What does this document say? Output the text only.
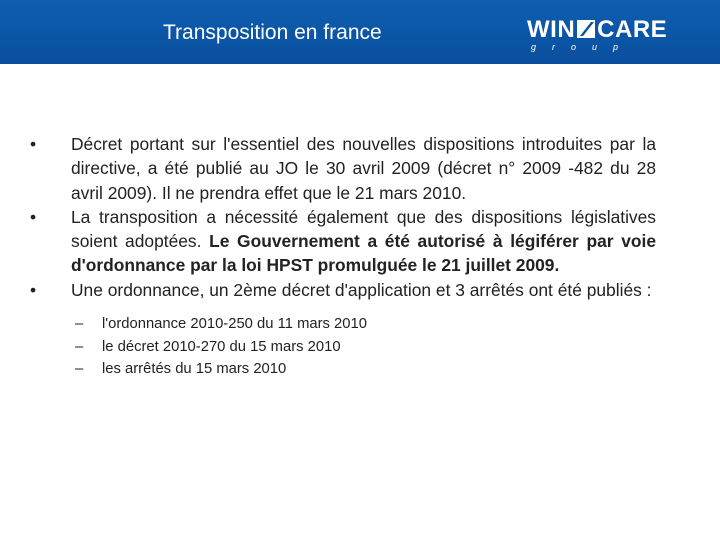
Transposition en france	WIN CARE
group
• Décret portant sur l'essentiel des nouvelles dispositions introduites par la directive, a été publié au JO le 30 avril 2009 (décret n° 2009 -482 du 28 avril 2009). Il ne prendra effet que le 21 mars 2010.
• La transposition a nécessité également que des dispositions législatives soient adoptées. Le Gouvernement a été autorisé à légiférer par voie d'ordonnance par la loi HPST promulguée le 21 juillet 2009.
• Une ordonnance, un 2ème décret d'application et 3 arrêtés ont été publiés :
– l'ordonnance 2010-250 du 11 mars 2010
– le décret 2010-270 du 15 mars 2010
– les arrêtés du 15 mars 2010
